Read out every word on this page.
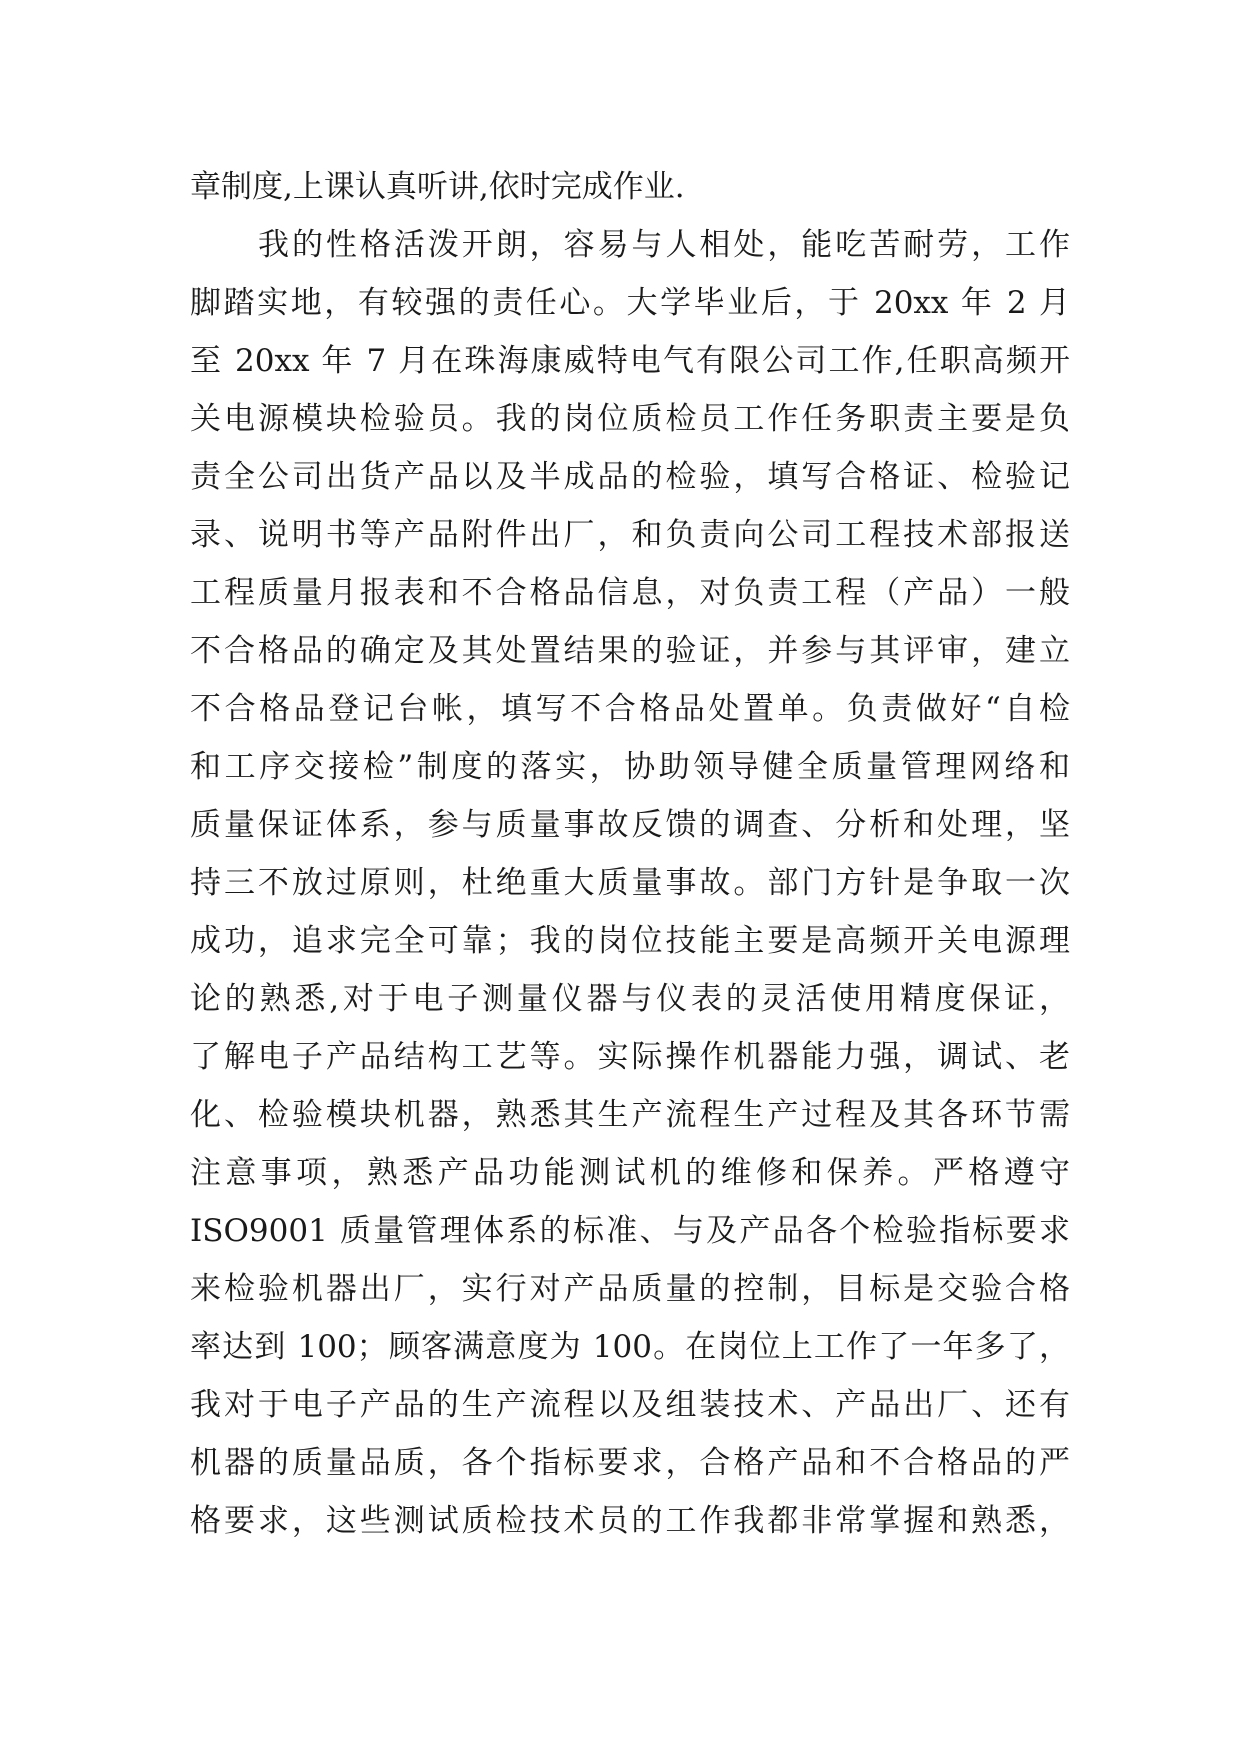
章制度,上课认真听讲,依时完成作业.
我的性格活泼开朗，容易与人相处，能吃苦耐劳，工作
脚踏实地，有较强的责任心。大学毕业后，于 20xx 年 2 月
至 20xx 年 7 月在珠海康威特电气有限公司工作,任职高频开
关电源模块检验员。我的岗位质检员工作任务职责主要是负
责全公司出货产品以及半成品的检验，填写合格证、检验记
录、说明书等产品附件出厂，和负责向公司工程技术部报送
工程质量月报表和不合格品信息，对负责工程（产品）一般
不合格品的确定及其处置结果的验证，并参与其评审，建立
不合格品登记台帐，填写不合格品处置单。负责做好“自检
和工序交接检”制度的落实，协助领导健全质量管理网络和
质量保证体系，参与质量事故反馈的调查、分析和处理，坚
持三不放过原则，杜绝重大质量事故。部门方针是争取一次
成功，追求完全可靠；我的岗位技能主要是高频开关电源理
论的熟悉,对于电子测量仪器与仪表的灵活使用精度保证，
了解电子产品结构工艺等。实际操作机器能力强，调试、老
化、检验模块机器，熟悉其生产流程生产过程及其各环节需
注意事项，熟悉产品功能测试机的维修和保养。严格遵守
ISO9001 质量管理体系的标准、与及产品各个检验指标要求
来检验机器出厂，实行对产品质量的控制，目标是交验合格
率达到 100；顾客满意度为 100。在岗位上工作了一年多了，
我对于电子产品的生产流程以及组装技术、产品出厂、还有
机器的质量品质，各个指标要求，合格产品和不合格品的严
格要求，这些测试质检技术员的工作我都非常掌握和熟悉，
